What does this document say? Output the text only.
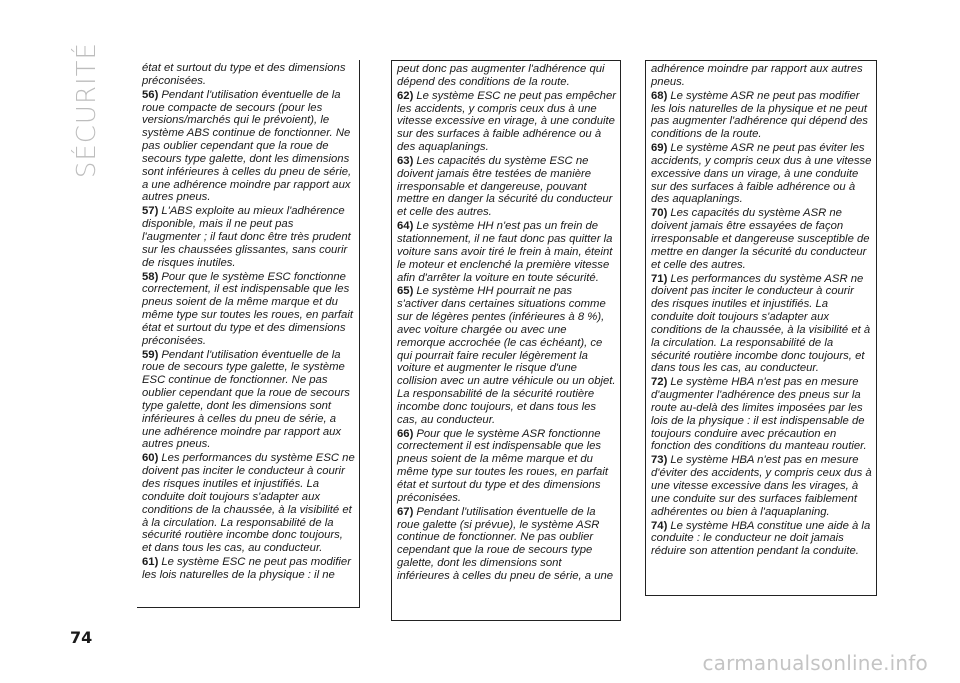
SÉCURITÉ	état et surtout du type et des dimensions préconisées.

56) Pendant l'utilisation éventuelle de la roue compacte de secours (pour les versions/marchés qui le prévoient), le système ABS continue de fonctionner. Ne pas oublier cependant que la roue de secours type galette, dont les dimensions sont inférieures à celles du pneu de série, a une adhérence moindre par rapport aux autres pneus.

57) L'ABS exploite au mieux l'adhérence disponible, mais il ne peut pas l'augmenter ; il faut donc être très prudent sur les chaussées glissantes, sans courir de risques inutiles.

58) Pour que le système ESC fonctionne correctement, il est indispensable que les pneus soient de la même marque et du même type sur toutes les roues, en parfait état et surtout du type et des dimensions préconisées.

59) Pendant l'utilisation éventuelle de la roue de secours type galette, le système ESC continue de fonctionner. Ne pas oublier cependant que la roue de secours type galette, dont les dimensions sont inférieures à celles du pneu de série, a une adhérence moindre par rapport aux autres pneus.

60) Les performances du système ESC ne doivent pas inciter le conducteur à courir des risques inutiles et injustifiés. La conduite doit toujours s'adapter aux conditions de la chaussée, à la visibilité et à la circulation. La responsabilité de la sécurité routière incombe donc toujours, et dans tous les cas, au conducteur.

61) Le système ESC ne peut pas modifier les lois naturelles de la physique : il ne

peut donc pas augmenter l'adhérence qui dépend des conditions de la route.

62) Le système ESC ne peut pas empêcher les accidents, y compris ceux dus à une vitesse excessive en virage, à une conduite sur des surfaces à faible adhérence ou à des aquaplanings.

63) Les capacités du système ESC ne doivent jamais être testées de manière irresponsable et dangereuse, pouvant mettre en danger la sécurité du conducteur et celle des autres.

64) Le système HH n'est pas un frein de stationnement, il ne faut donc pas quitter la voiture sans avoir tiré le frein à main, éteint le moteur et enclenché la première vitesse afin d'arrêter la voiture en toute sécurité.

65) Le système HH pourrait ne pas s'activer dans certaines situations comme sur de légères pentes (inférieures à 8 %), avec voiture chargée ou avec une remorque accrochée (le cas échéant), ce qui pourrait faire reculer légèrement la voiture et augmenter le risque d'une collision avec un autre véhicule ou un objet. La responsabilité de la sécurité routière incombe donc toujours, et dans tous les cas, au conducteur.

66) Pour que le système ASR fonctionne correctement il est indispensable que les pneus soient de la même marque et du même type sur toutes les roues, en parfait état et surtout du type et des dimensions préconisées.

67) Pendant l'utilisation éventuelle de la roue galette (si prévue), le système ASR continue de fonctionner. Ne pas oublier cependant que la roue de secours type galette, dont les dimensions sont inférieures à celles du pneu de série, a une

adhérence moindre par rapport aux autres pneus.

68) Le système ASR ne peut pas modifier les lois naturelles de la physique et ne peut pas augmenter l'adhérence qui dépend des conditions de la route.

69) Le système ASR ne peut pas éviter les accidents, y compris ceux dus à une vitesse excessive dans un virage, à une conduite sur des surfaces à faible adhérence ou à des aquaplanings.

70) Les capacités du système ASR ne doivent jamais être essayées de façon irresponsable et dangereuse susceptible de mettre en danger la sécurité du conducteur et celle des autres.

71) Les performances du système ASR ne doivent pas inciter le conducteur à courir des risques inutiles et injustifiés. La conduite doit toujours s'adapter aux conditions de la chaussée, à la visibilité et à la circulation. La responsabilité de la sécurité routière incombe donc toujours, et dans tous les cas, au conducteur.

72) Le système HBA n'est pas en mesure d'augmenter l'adhérence des pneus sur la route au-delà des limites imposées par les lois de la physique : il est indispensable de toujours conduire avec précaution en fonction des conditions du manteau routier.

73) Le système HBA n'est pas en mesure d'éviter des accidents, y compris ceux dus à une vitesse excessive dans les virages, à une conduite sur des surfaces faiblement adhérentes ou bien à l'aquaplaning.

74) Le système HBA constitue une aide à la conduite : le conducteur ne doit jamais réduire son attention pendant la conduite.

74
carmanualsonline.info
